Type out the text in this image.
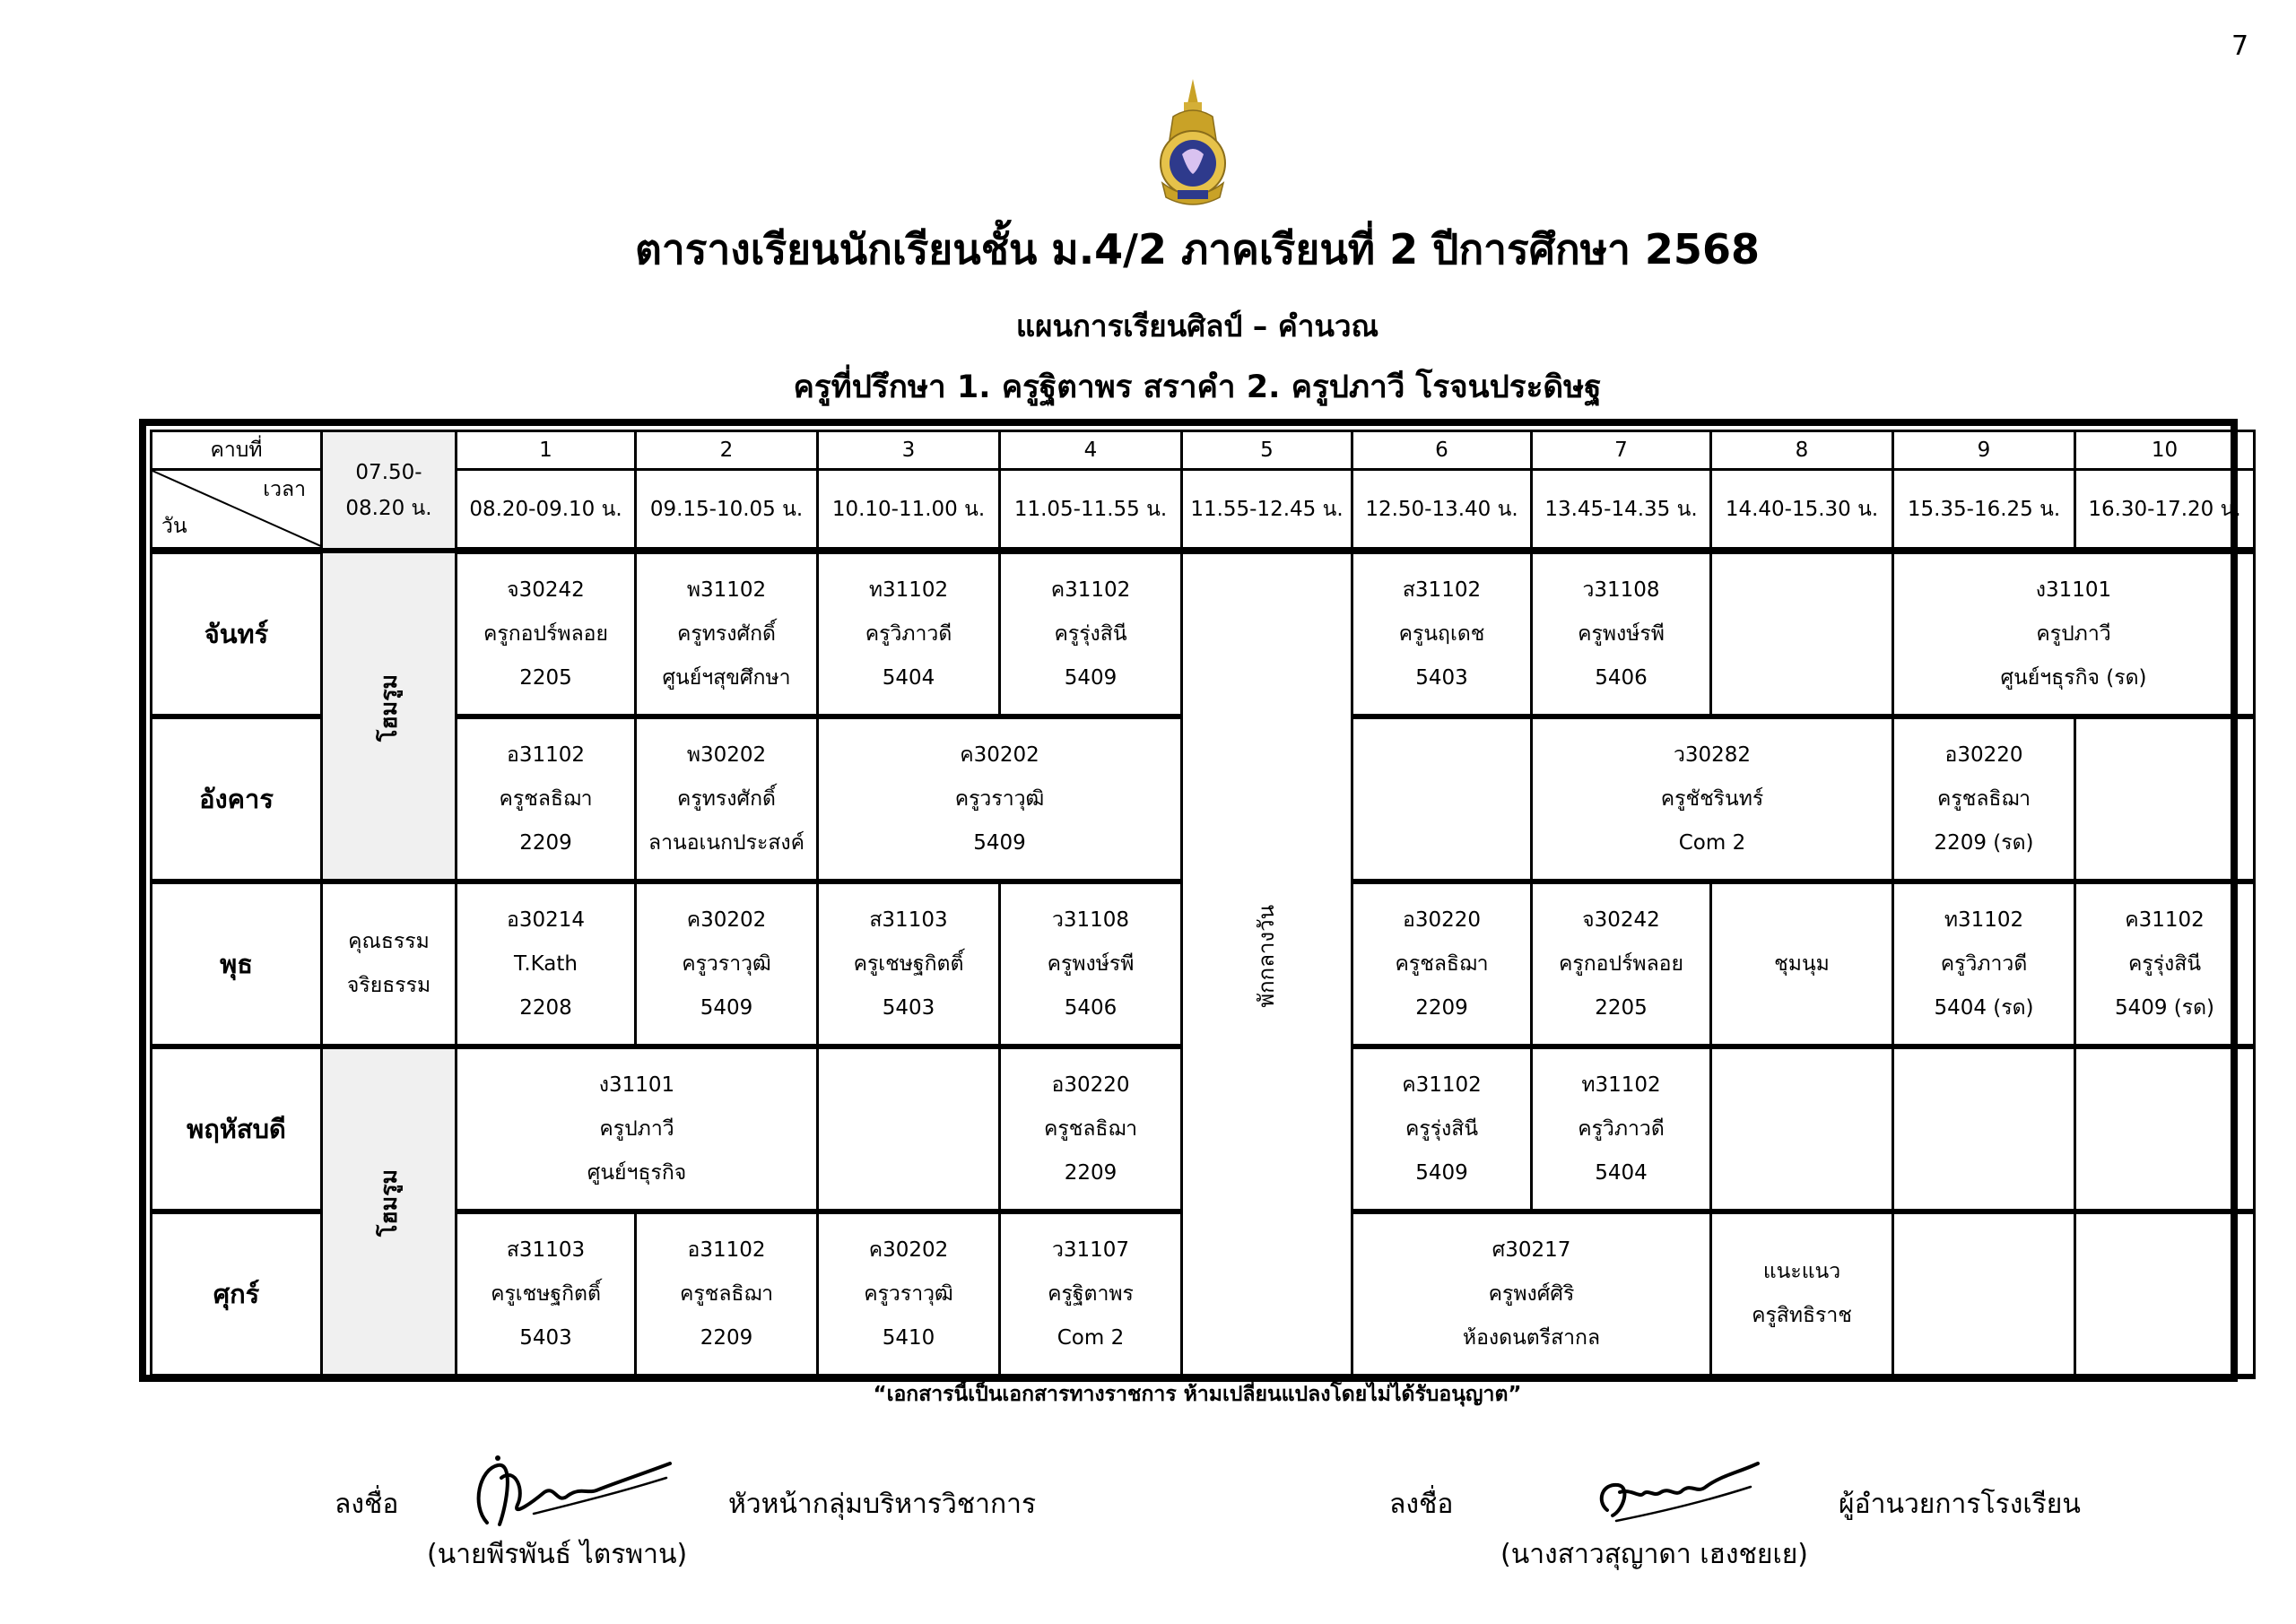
7
ตารางเรียนนักเรียนชั้น ม.4/2 ภาคเรียนที่ 2 ปีการศึกษา 2568
แผนการเรียนศิลป์ – คำนวณ
ครูที่ปรึกษา 1. ครูฐิตาพร สราคำ 2. ครูปภาวี โรจนประดิษฐ
คาบที่	07.50-
08.20 น.	1	2	3	4	5	6	7	8	9	10

เวลา
วัน		08.20-09.10 น.	09.15-10.05 น.	10.10-11.00 น.	11.05-11.55 น.	11.55-12.45 น.	12.50-13.40 น.	13.45-14.35 น.	14.40-15.30 น.	15.35-16.25 น.	16.30-17.20 น.
จันทร์	โฮมรูม	จ30242
ครูกอปร์พลอย
2205	พ31102
ครูทรงศักดิ์
ศูนย์ฯสุขศึกษา	ท31102
ครูวิภาวดี
5404	ค31102
ครูรุ่งสินี
5409	พักกลางวัน	ส31102
ครูนฤเดช
5403	ว31108
ครูพงษ์รพี
5406		ง31101
ครูปภาวี
ศูนย์ฯธุรกิจ (รด)	

อังคาร		อ31102
ครูชลธิฌา
2209	พ30202
ครูทรงศักดิ์
ลานอเนกประสงค์	ค30202
ครูวราวุฒิ
5409				ว30282
ครูชัชรินทร์
Com 2		อ30220
ครูชลธิฌา
2209 (รด)	

พุธ	คุณธรรม
จริยธรรม	อ30214
T.Kath
2208	ค30202
ครูวราวุฒิ
5409	ส31103
ครูเชษฐกิตติ์
5403	ว31108
ครูพงษ์รพี
5406		อ30220
ครูชลธิฌา
2209	จ30242
ครูกอปร์พลอย
2205	ชุมนุม	ท31102
ครูวิภาวดี
5404 (รด)	ค31102
ครูรุ่งสินี
5409 (รด)

พฤหัสบดี	โฮมรูม	ง31101
ครูปภาวี
ศูนย์ฯธุรกิจ			อ30220
ครูชลธิฌา
2209		ค31102
ครูรุ่งสินี
5409	ท31102
ครูวิภาวดี
5404			

ศุกร์		ส31103
ครูเชษฐกิตติ์
5403	อ31102
ครูชลธิฌา
2209	ค30202
ครูวราวุฒิ
5410	ว31107
ครูฐิตาพร
Com 2		ศ30217
ครูพงศ์ศิริ
ห้องดนตรีสากล		แนะแนว
ครูสิทธิราช		

“เอกสารนี้เป็นเอกสารทางราชการ ห้ามเปลี่ยนแปลงโดยไม่ได้รับอนุญาต”
ลงชื่อ	หัวหน้ากลุ่มบริหารวิชาการ
(นายพีรพันธ์ ไตรพาน)
ลงชื่อ	ผู้อำนวยการโรงเรียน
(นางสาวสุญาดา เฮงชยเย)
